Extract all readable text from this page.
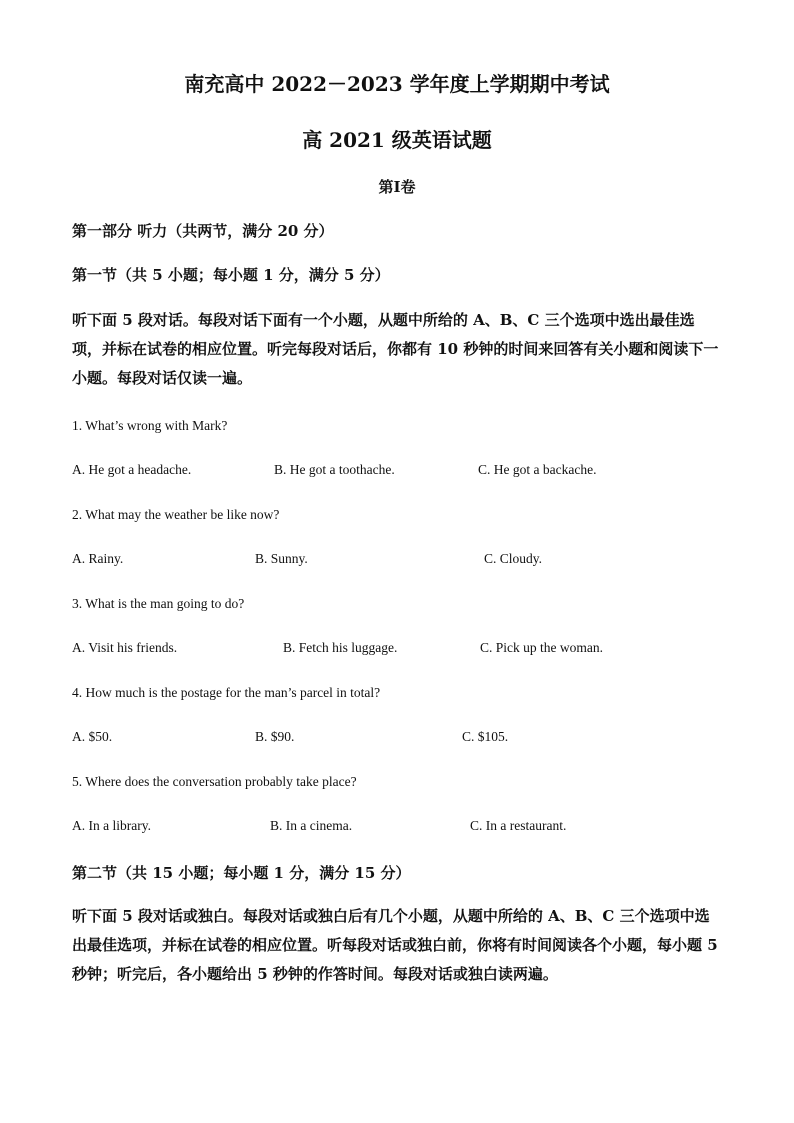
南充高中 2022－2023 学年度上学期期中考试
高 2021 级英语试题
第Ⅰ卷
第一部分 听力（共两节，满分 20 分）
第一节（共 5 小题；每小题 1 分，满分 5 分）
听下面 5 段对话。每段对话下面有一个小题，从题中所给的 A、B、C 三个选项中选出最佳选项，并标在试卷的相应位置。听完每段对话后，你都有 10 秒钟的时间来回答有关小题和阅读下一小题。每段对话仅读一遍。
1. What’s wrong with Mark?
A. He got a headache.	B. He got a toothache.	C. He got a backache.
2. What may the weather be like now?
A. Rainy.	B. Sunny.	C. Cloudy.
3. What is the man going to do?
A. Visit his friends.	B. Fetch his luggage.	C. Pick up the woman.
4. How much is the postage for the man’s parcel in total?
A. $50.	B. $90.	C. $105.
5. Where does the conversation probably take place?
A. In a library.	B. In a cinema.	C. In a restaurant.
第二节（共 15 小题；每小题 1 分，满分 15 分）
听下面 5 段对话或独白。每段对话或独白后有几个小题，从题中所给的 A、B、C 三个选项中选出最佳选项，并标在试卷的相应位置。听每段对话或独白前，你将有时间阅读各个小题，每小题 5 秒钟；听完后，各小题给出 5 秒钟的作答时间。每段对话或独白读两遍。
